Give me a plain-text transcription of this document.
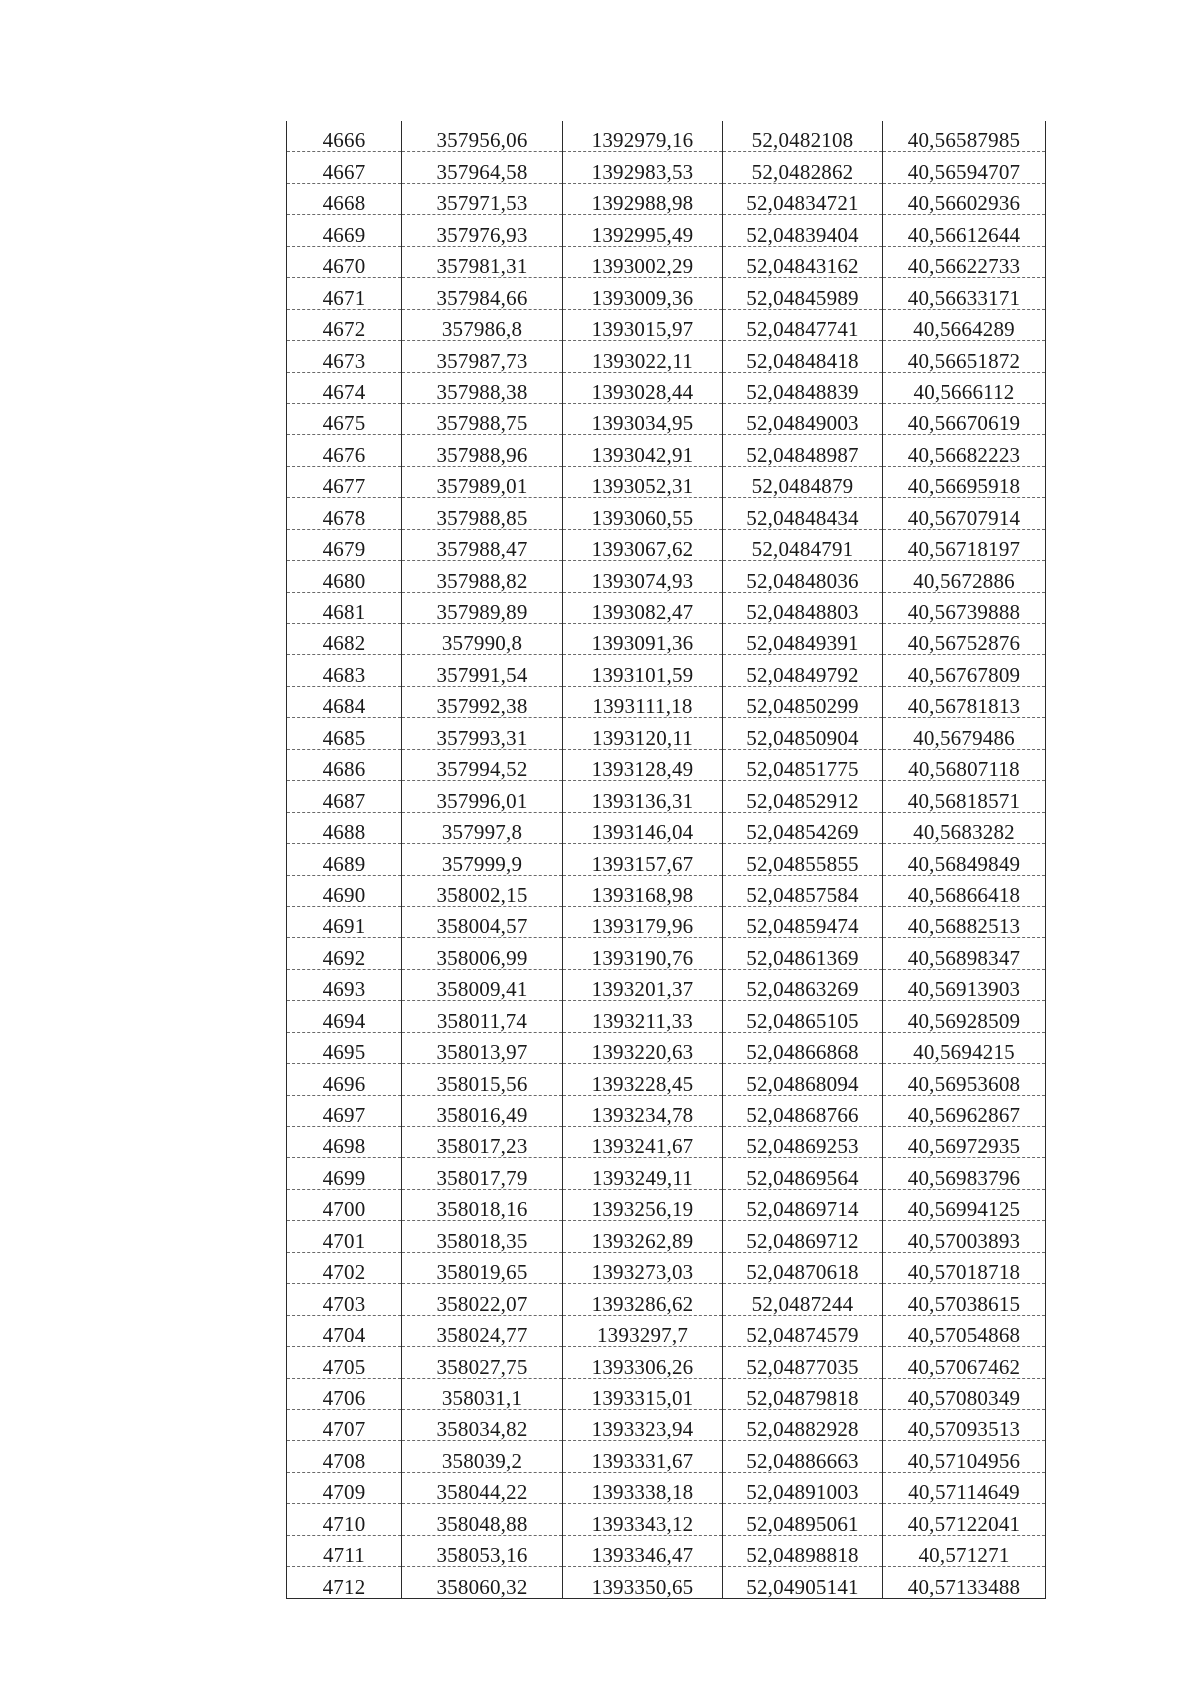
4666	357956,06	1392979,16	52,0482108	40,56587985
4667	357964,58	1392983,53	52,0482862	40,56594707
4668	357971,53	1392988,98	52,04834721	40,56602936
4669	357976,93	1392995,49	52,04839404	40,56612644
4670	357981,31	1393002,29	52,04843162	40,56622733
4671	357984,66	1393009,36	52,04845989	40,56633171
4672	357986,8	1393015,97	52,04847741	40,5664289
4673	357987,73	1393022,11	52,04848418	40,56651872
4674	357988,38	1393028,44	52,04848839	40,5666112
4675	357988,75	1393034,95	52,04849003	40,56670619
4676	357988,96	1393042,91	52,04848987	40,56682223
4677	357989,01	1393052,31	52,0484879	40,56695918
4678	357988,85	1393060,55	52,04848434	40,56707914
4679	357988,47	1393067,62	52,0484791	40,56718197
4680	357988,82	1393074,93	52,04848036	40,5672886
4681	357989,89	1393082,47	52,04848803	40,56739888
4682	357990,8	1393091,36	52,04849391	40,56752876
4683	357991,54	1393101,59	52,04849792	40,56767809
4684	357992,38	1393111,18	52,04850299	40,56781813
4685	357993,31	1393120,11	52,04850904	40,5679486
4686	357994,52	1393128,49	52,04851775	40,56807118
4687	357996,01	1393136,31	52,04852912	40,56818571
4688	357997,8	1393146,04	52,04854269	40,5683282
4689	357999,9	1393157,67	52,04855855	40,56849849
4690	358002,15	1393168,98	52,04857584	40,56866418
4691	358004,57	1393179,96	52,04859474	40,56882513
4692	358006,99	1393190,76	52,04861369	40,56898347
4693	358009,41	1393201,37	52,04863269	40,56913903
4694	358011,74	1393211,33	52,04865105	40,56928509
4695	358013,97	1393220,63	52,04866868	40,5694215
4696	358015,56	1393228,45	52,04868094	40,56953608
4697	358016,49	1393234,78	52,04868766	40,56962867
4698	358017,23	1393241,67	52,04869253	40,56972935
4699	358017,79	1393249,11	52,04869564	40,56983796
4700	358018,16	1393256,19	52,04869714	40,56994125
4701	358018,35	1393262,89	52,04869712	40,57003893
4702	358019,65	1393273,03	52,04870618	40,57018718
4703	358022,07	1393286,62	52,0487244	40,57038615
4704	358024,77	1393297,7	52,04874579	40,57054868
4705	358027,75	1393306,26	52,04877035	40,57067462
4706	358031,1	1393315,01	52,04879818	40,57080349
4707	358034,82	1393323,94	52,04882928	40,57093513
4708	358039,2	1393331,67	52,04886663	40,57104956
4709	358044,22	1393338,18	52,04891003	40,57114649
4710	358048,88	1393343,12	52,04895061	40,57122041
4711	358053,16	1393346,47	52,04898818	40,571271
4712	358060,32	1393350,65	52,04905141	40,57133488
